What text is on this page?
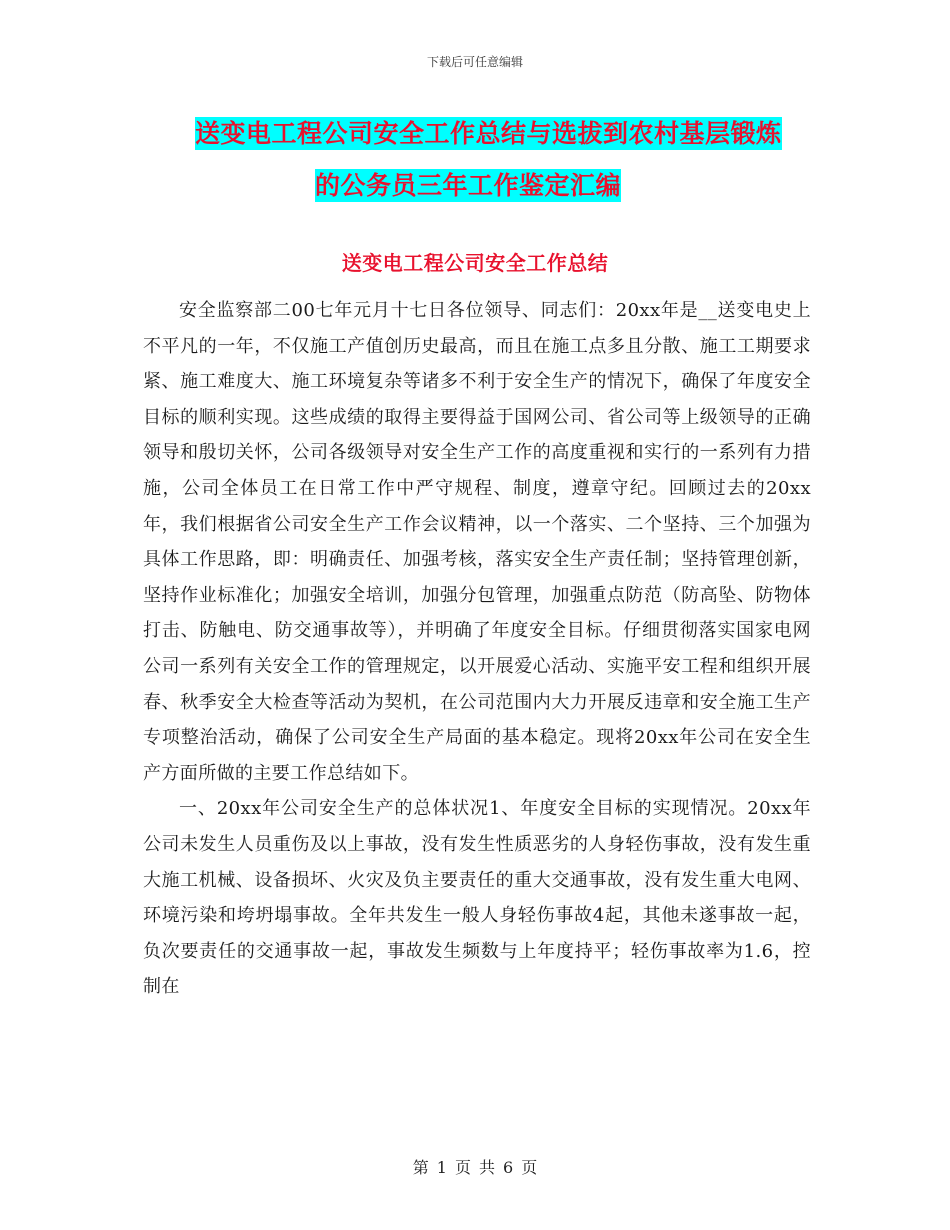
下载后可任意编辑
送变电工程公司安全工作总结与选拔到农村基层锻炼
的公务员三年工作鉴定汇编
送变电工程公司安全工作总结

安全监察部二00七年元月十七日各位领导、同志们：20xx年是__送变电史上不平凡的一年，不仅施工产值创历史最高，而且在施工点多且分散、施工工期要求紧、施工难度大、施工环境复杂等诸多不利于安全生产的情况下，确保了年度安全目标的顺利实现。这些成绩的取得主要得益于国网公司、省公司等上级领导的正确领导和殷切关怀，公司各级领导对安全生产工作的高度重视和实行的一系列有力措施，公司全体员工在日常工作中严守规程、制度，遵章守纪。回顾过去的20xx年，我们根据省公司安全生产工作会议精神，以一个落实、二个坚持、三个加强为具体工作思路，即：明确责任、加强考核，落实安全生产责任制；坚持管理创新，坚持作业标准化；加强安全培训，加强分包管理，加强重点防范（防高坠、防物体打击、防触电、防交通事故等），并明确了年度安全目标。仔细贯彻落实国家电网公司一系列有关安全工作的管理规定，以开展爱心活动、实施平安工程和组织开展春、秋季安全大检查等活动为契机，在公司范围内大力开展反违章和安全施工生产专项整治活动，确保了公司安全生产局面的基本稳定。现将20xx年公司在安全生产方面所做的主要工作总结如下。

一、20xx年公司安全生产的总体状况1、年度安全目标的实现情况。20xx年公司未发生人员重伤及以上事故，没有发生性质恶劣的人身轻伤事故，没有发生重大施工机械、设备损坏、火灾及负主要责任的重大交通事故，没有发生重大电网、环境污染和垮坍塌事故。全年共发生一般人身轻伤事故4起，其他未遂事故一起，负次要责任的交通事故一起，事故发生频数与上年度持平；轻伤事故率为1.6，控制在

第 1 页 共 6 页
